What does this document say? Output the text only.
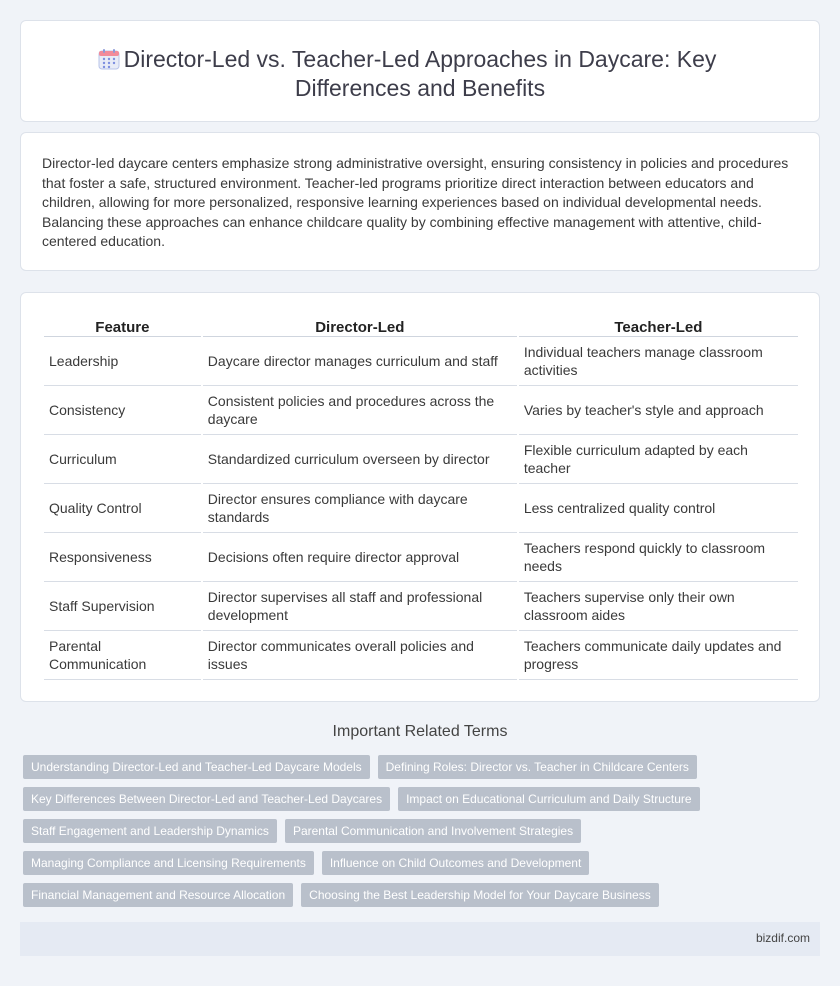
Director-Led vs. Teacher-Led Approaches in Daycare: Key Differences and Benefits

Director-led daycare centers emphasize strong administrative oversight, ensuring consistency in policies and procedures that foster a safe, structured environment. Teacher-led programs prioritize direct interaction between educators and children, allowing for more personalized, responsive learning experiences based on individual developmental needs. Balancing these approaches can enhance childcare quality by combining effective management with attentive, child-centered education.

Feature	Director-Led	Teacher-Led
Leadership	Daycare director manages curriculum and staff	Individual teachers manage classroom activities
Consistency	Consistent policies and procedures across the daycare	Varies by teacher's style and approach
Curriculum	Standardized curriculum overseen by director	Flexible curriculum adapted by each teacher
Quality Control	Director ensures compliance with daycare standards	Less centralized quality control
Responsiveness	Decisions often require director approval	Teachers respond quickly to classroom needs
Staff Supervision	Director supervises all staff and professional development	Teachers supervise only their own classroom aides
Parental Communication	Director communicates overall policies and issues	Teachers communicate daily updates and progress
Important Related Terms
Understanding Director-Led and Teacher-Led Daycare Models	Defining Roles: Director vs. Teacher in Childcare Centers
Key Differences Between Director-Led and Teacher-Led Daycares	Impact on Educational Curriculum and Daily Structure
Staff Engagement and Leadership Dynamics	Parental Communication and Involvement Strategies
Managing Compliance and Licensing Requirements	Influence on Child Outcomes and Development
Financial Management and Resource Allocation	Choosing the Best Leadership Model for Your Daycare Business
bizdif.com
